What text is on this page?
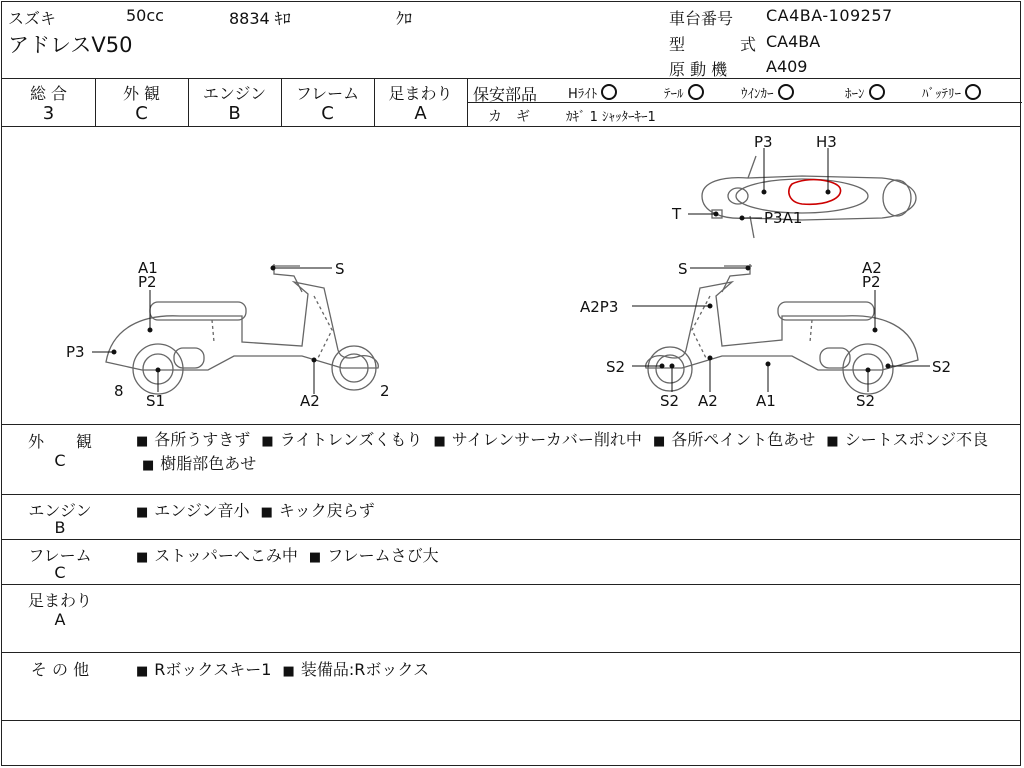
スズキ	50cc	8834 ｷﾛ	ｸﾛ
アドレスV50
車台番号 CA4BA-109257
型	式 CA4BA
原 動 機 A409
総 合
3
外 観
C
エンジン
B
フレーム
C
足まわり
A
保安部品 Hﾗｲﾄ	ﾃｰﾙ	ｳｲﾝｶｰ	ﾎｰﾝ	ﾊﾞｯﾃﾘｰ
カ　ギ	ｶｷﾞ 1 ｼｬｯﾀｰｷｰ1
A1
P2
S
P3
8
S1	A2
2
S	A2
P2
A2P3
S2
S2 A2	A1	S2
S2
P3	H3
T	P3A1
外　　観
C
■ 各所うすきず ■ ライトレンズくもり ■ サイレンサーカバー削れ中 ■ 各所ペイント色あせ ■ シートスポンジ不良 ■ 樹脂部色あせ
エンジン
B
■ エンジン音小 ■ キック戻らず
フレーム
C
■ ストッパーへこみ中 ■ フレームさび大
足まわり
A
そ の 他	■ Rボックスキー1 ■ 装備品:Rボックス
